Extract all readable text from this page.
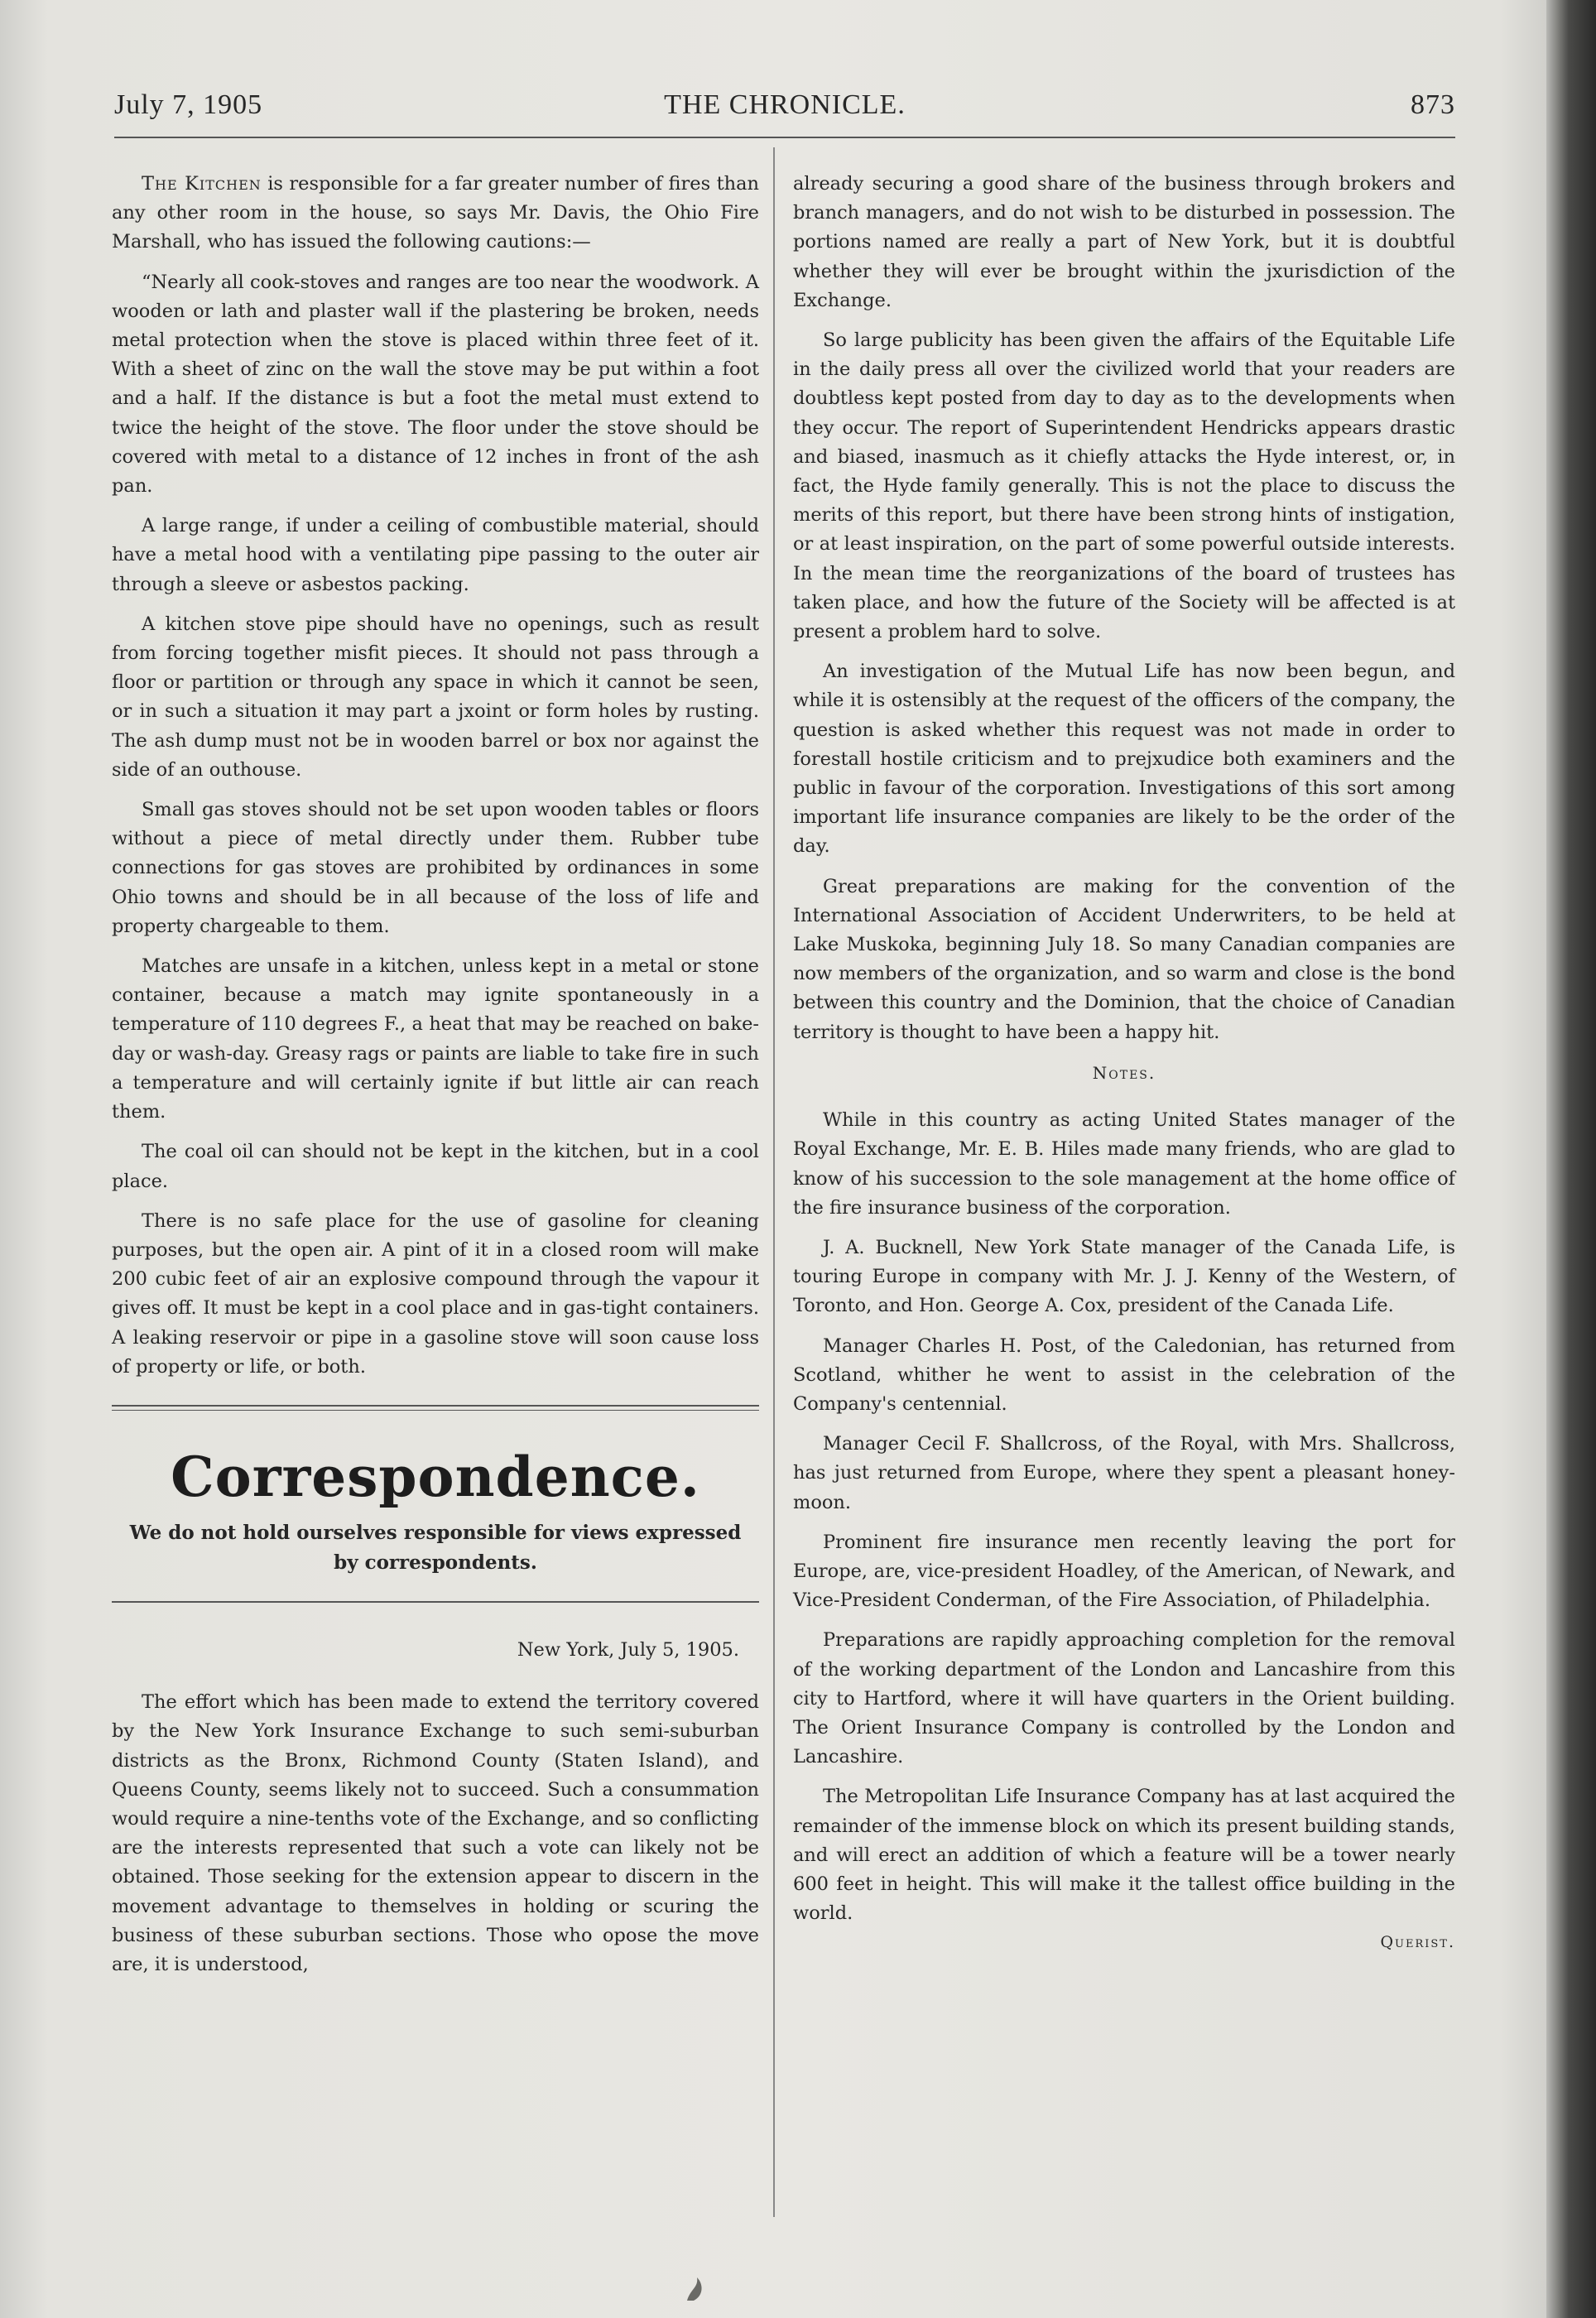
July 7, 1905	THE CHRONICLE.	873

The Kitchen is responsible for a far greater number of fires than any other room in the house, so says Mr. Davis, the Ohio Fire Marshall, who has issued the following cautions:—

“Nearly all cook-stoves and ranges are too near the woodwork. A wooden or lath and plaster wall if the plastering be broken, needs metal protection when the stove is placed within three feet of it. With a sheet of zinc on the wall the stove may be put within a foot and a half. If the distance is but a foot the metal must extend to twice the height of the stove. The floor under the stove should be covered with metal to a distance of 12 inches in front of the ash pan.

A large range, if under a ceiling of combustible material, should have a metal hood with a ventilating pipe passing to the outer air through a sleeve or asbestos packing.

A kitchen stove pipe should have no openings, such as result from forcing together misfit pieces. It should not pass through a floor or partition or through any space in which it cannot be seen, or in such a situation it may part a jxoint or form holes by rusting. The ash dump must not be in wooden barrel or box nor against the side of an outhouse.

Small gas stoves should not be set upon wooden tables or floors without a piece of metal directly under them. Rubber tube connections for gas stoves are prohibited by ordinances in some Ohio towns and should be in all because of the loss of life and property chargeable to them.

Matches are unsafe in a kitchen, unless kept in a metal or stone container, because a match may ignite spontaneously in a temperature of 110 degrees F., a heat that may be reached on bake-day or wash-day. Greasy rags or paints are liable to take fire in such a temperature and will certainly ignite if but little air can reach them.

The coal oil can should not be kept in the kitchen, but in a cool place.

There is no safe place for the use of gasoline for cleaning purposes, but the open air. A pint of it in a closed room will make 200 cubic feet of air an explosive compound through the vapour it gives off. It must be kept in a cool place and in gas-tight containers. A leaking reservoir or pipe in a gasoline stove will soon cause loss of property or life, or both.

Correspondence.

We do not hold ourselves responsible for views expressed
by correspondents.

New York, July 5, 1905.

The effort which has been made to extend the territory covered by the New York Insurance Exchange to such semi-suburban districts as the Bronx, Richmond County (Staten Island), and Queens County, seems likely not to succeed. Such a consummation would require a nine-tenths vote of the Exchange, and so conflicting are the interests represented that such a vote can likely not be obtained. Those seeking for the extension appear to discern in the movement advantage to themselves in holding or scuring the business of these suburban sections. Those who opose the move are, it is understood,

already securing a good share of the business through brokers and branch managers, and do not wish to be disturbed in possession. The portions named are really a part of New York, but it is doubtful whether they will ever be brought within the jxurisdiction of the Exchange.

So large publicity has been given the affairs of the Equitable Life in the daily press all over the civilized world that your readers are doubtless kept posted from day to day as to the developments when they occur. The report of Superintendent Hendricks appears drastic and biased, inasmuch as it chiefly attacks the Hyde interest, or, in fact, the Hyde family generally. This is not the place to discuss the merits of this report, but there have been strong hints of instigation, or at least inspiration, on the part of some powerful outside interests. In the mean time the reorganizations of the board of trustees has taken place, and how the future of the Society will be affected is at present a problem hard to solve.

An investigation of the Mutual Life has now been begun, and while it is ostensibly at the request of the officers of the company, the question is asked whether this request was not made in order to forestall hostile criticism and to prejxudice both examiners and the public in favour of the corporation. Investigations of this sort among important life insurance companies are likely to be the order of the day.

Great preparations are making for the convention of the International Association of Accident Underwriters, to be held at Lake Muskoka, beginning July 18. So many Canadian companies are now members of the organization, and so warm and close is the bond between this country and the Dominion, that the choice of Canadian territory is thought to have been a happy hit.

Notes.

While in this country as acting United States manager of the Royal Exchange, Mr. E. B. Hiles made many friends, who are glad to know of his succession to the sole management at the home office of the fire insurance business of the corporation.

J. A. Bucknell, New York State manager of the Canada Life, is touring Europe in company with Mr. J. J. Kenny of the Western, of Toronto, and Hon. George A. Cox, president of the Canada Life.

Manager Charles H. Post, of the Caledonian, has returned from Scotland, whither he went to assist in the celebration of the Company's centennial.

Manager Cecil F. Shallcross, of the Royal, with Mrs. Shallcross, has just returned from Europe, where they spent a pleasant honey-moon.

Prominent fire insurance men recently leaving the port for Europe, are, vice-president Hoadley, of the American, of Newark, and Vice-President Conderman, of the Fire Association, of Philadelphia.

Preparations are rapidly approaching completion for the removal of the working department of the London and Lancashire from this city to Hartford, where it will have quarters in the Orient building. The Orient Insurance Company is controlled by the London and Lancashire.

The Metropolitan Life Insurance Company has at last acquired the remainder of the immense block on which its present building stands, and will erect an addition of which a feature will be a tower nearly 600 feet in height. This will make it the tallest office building in the world.

Querist.
